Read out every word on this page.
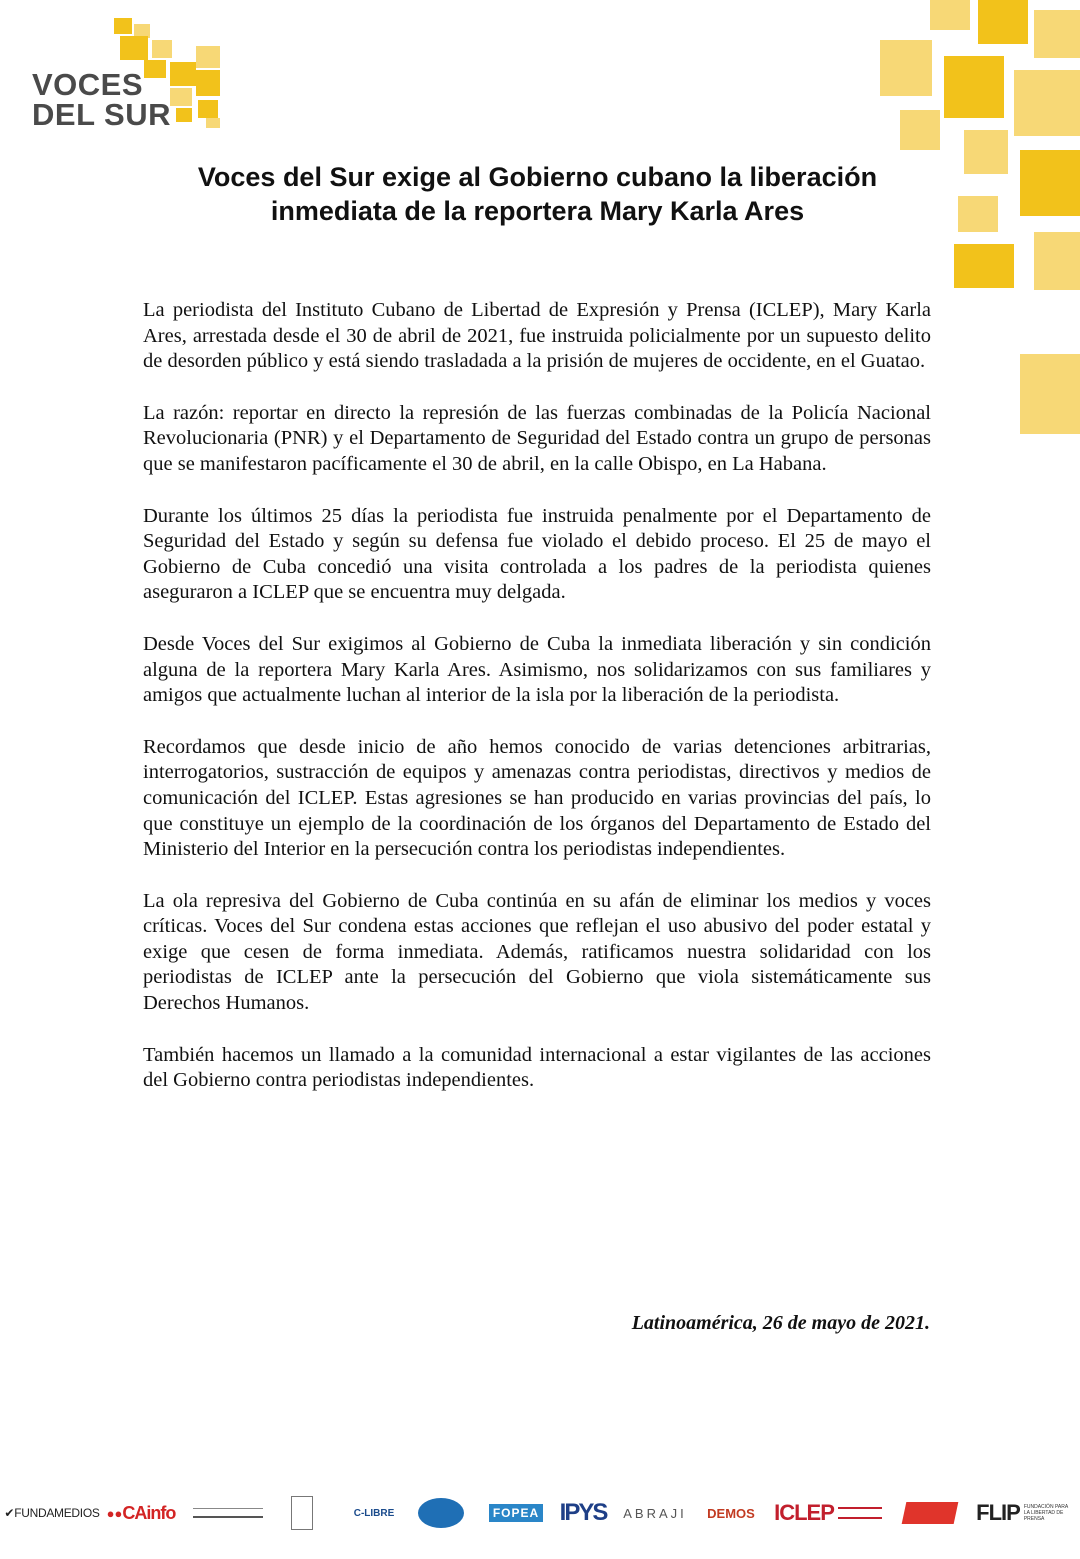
VOCES
DEL SUR
Voces del Sur exige al Gobierno cubano la liberación
inmediata de la reportera Mary Karla Ares

La periodista del Instituto Cubano de Libertad de Expresión y Prensa (ICLEP), Mary Karla Ares, arrestada desde el 30 de abril de 2021, fue instruida policialmente por un supuesto delito de desorden público y está siendo trasladada a la prisión de mujeres de occidente, en el Guatao.

La razón: reportar en directo la represión de las fuerzas combinadas de la Policía Nacional Revolucionaria (PNR) y el Departamento de Seguridad del Estado contra un grupo de personas que se manifestaron pacíficamente el 30 de abril, en la calle Obispo, en La Habana.

Durante los últimos 25 días la periodista fue instruida penalmente por el Departamento de Seguridad del Estado y según su defensa fue violado el debido proceso. El 25 de mayo el Gobierno de Cuba concedió una visita controlada a los padres de la periodista quienes aseguraron a ICLEP que se encuentra muy delgada.

Desde Voces del Sur exigimos al Gobierno de Cuba la inmediata liberación y sin condición alguna de la reportera Mary Karla Ares. Asimismo, nos solidarizamos con sus familiares y amigos que actualmente luchan al interior de la isla por la liberación de la periodista.

Recordamos que desde inicio de año hemos conocido de varias detenciones arbitrarias, interrogatorios, sustracción de equipos y amenazas contra periodistas, directivos y medios de comunicación del ICLEP. Estas agresiones se han producido en varias provincias del país, lo que constituye un ejemplo de la coordinación de los órganos del Departamento de Estado del Ministerio del Interior en la persecución contra los periodistas independientes.

La ola represiva del Gobierno de Cuba continúa en su afán de eliminar los medios y voces críticas. Voces del Sur condena estas acciones que reflejan el uso abusivo del poder estatal y exige que cesen de forma inmediata. Además, ratificamos nuestra solidaridad con los periodistas de ICLEP ante la persecución del Gobierno que viola sistemáticamente sus Derechos Humanos.

También hacemos un llamado a la comunidad internacional a estar vigilantes de las acciones del Gobierno contra periodistas independientes.

Latinoamérica, 26 de mayo de 2021.
✔FUNDAMEDIOS ●● CAinfo	C-LIBRE	FOPEA IPYS ABRAJI DEMOS ICLEP	FLIP FUNDACIÓN PARA LA LIBERTAD DE PRENSA
